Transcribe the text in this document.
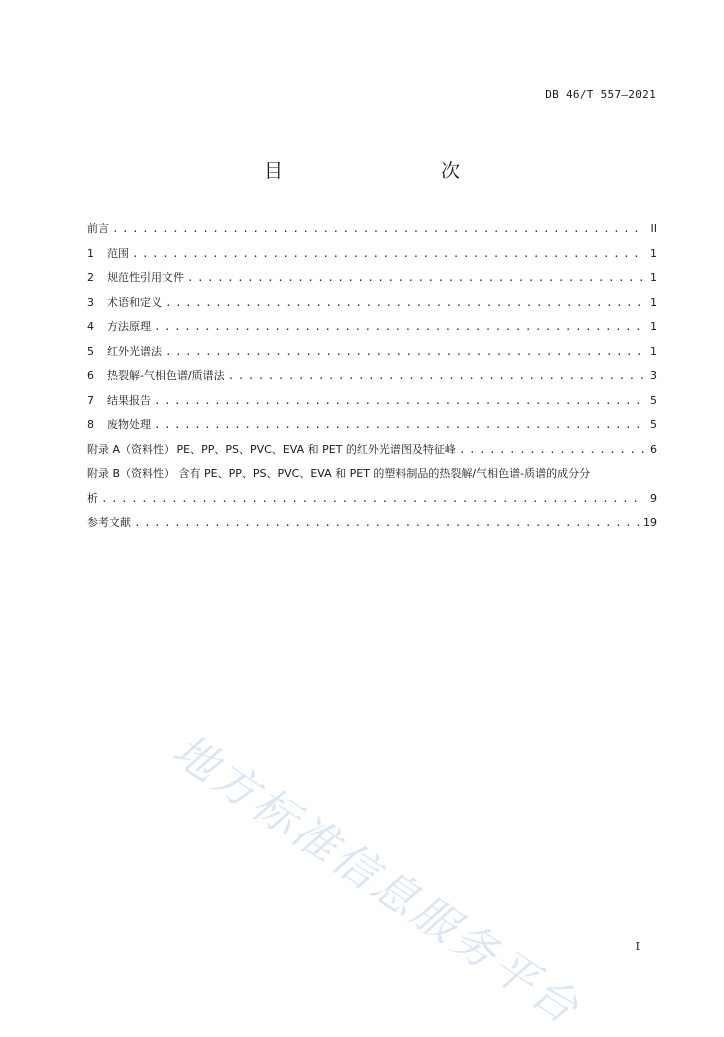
DB 46/T 557—2021
目　　次
前言 .....	II
1	范围 .....	1
2	规范性引用文件 .....	1
3	术语和定义 .....	1
4	方法原理 .....	1
5	红外光谱法 .....	1
6	热裂解-气相色谱/质谱法 .....	3
7	结果报告 .....	5
8	废物处理 .....	5
附录 A（资料性） PE、PP、PS、PVC、EVA 和 PET 的红外光谱图及特征峰 .....	6
附录 B（资料性） 含有 PE、PP、PS、PVC、EVA 和 PET 的塑料制品的热裂解/气相色谱-质谱的成分分
析 .....	9
参考文献 .....	19
地方标准信息服务平台	I
